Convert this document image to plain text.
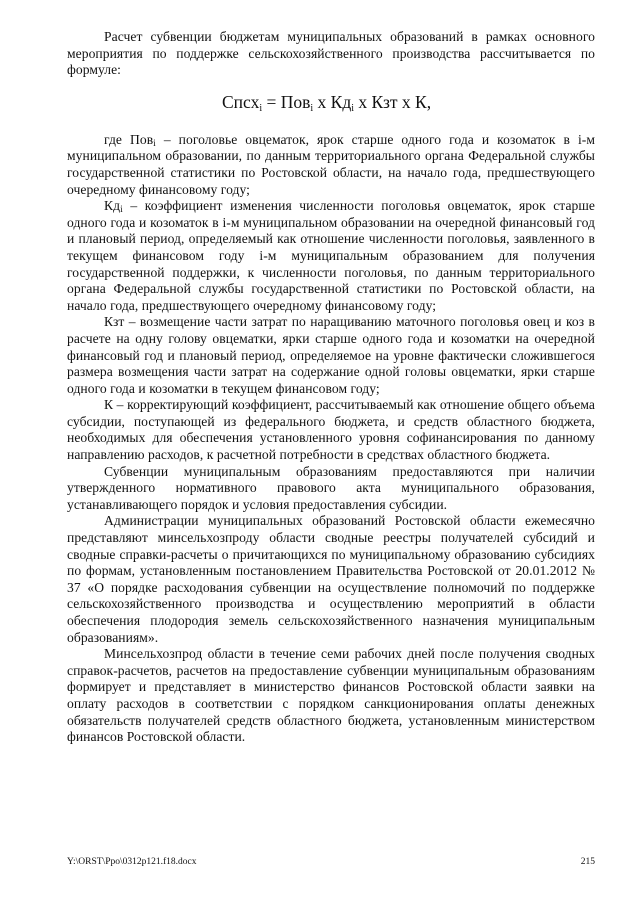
Расчет субвенции бюджетам муниципальных образований в рамках основного мероприятия по поддержке сельскохозяйственного производства рассчитывается по формуле:

Спсх$_i$ = Пов$_i$ х $Кд_i$ х Кзт х К,

где Пов$_i$ – поголовье овцематок, ярок старше одного года и козоматок в i-м муниципальном образовании, по данным территориального органа Федеральной службы государственной статистики по Ростовской области, на начало года, предшествующего очередному финансовому году;

$Кд_i$ – коэффициент изменения численности поголовья овцематок, ярок старше одного года и козоматок в i-м муниципальном образовании на очередной финансовый год и плановый период, определяемый как отношение численности поголовья, заявленного в текущем финансовом году i-м муниципальным образованием для получения государственной поддержки, к численности поголовья, по данным территориального органа Федеральной службы государственной статистики по Ростовской области, на начало года, предшествующего очередному финансовому году;

Кзт – возмещение части затрат по наращиванию маточного поголовья овец и коз в расчете на одну голову овцематки, ярки старше одного года и козоматки на очередной финансовый год и плановый период, определяемое на уровне фактически сложившегося размера возмещения части затрат на содержание одной головы овцематки, ярки старше одного года и козоматки в текущем финансовом году;

К – корректирующий коэффициент, рассчитываемый как отношение общего объема субсидии, поступающей из федерального бюджета, и средств областного бюджета, необходимых для обеспечения установленного уровня софинансирования по данному направлению расходов, к расчетной потребности в средствах областного бюджета.

Субвенции муниципальным образованиям предоставляются при наличии утвержденного нормативного правового акта муниципального образования, устанавливающего порядок и условия предоставления субсидии.

Администрации муниципальных образований Ростовской области ежемесячно представляют минсельхозпроду области сводные реестры получателей субсидий и сводные справки-расчеты о причитающихся по муниципальному образованию субсидиях по формам, установленным постановлением Правительства Ростовской от 20.01.2012 № 37 «О порядке расходования субвенции на осуществление полномочий по поддержке сельскохозяйственного производства и осуществлению мероприятий в области обеспечения плодородия земель сельскохозяйственного назначения муниципальным образованиям».

Минсельхозпрод области в течение семи рабочих дней после получения сводных справок-расчетов, расчетов на предоставление субвенции муниципальным образованиям формирует и представляет в министерство финансов Ростовской области заявки на оплату расходов в соответствии с порядком санкционирования оплаты денежных обязательств получателей средств областного бюджета, установленным министерством финансов Ростовской области.

Y:\ORST\Ppo\0312p121.f18.docx	215
